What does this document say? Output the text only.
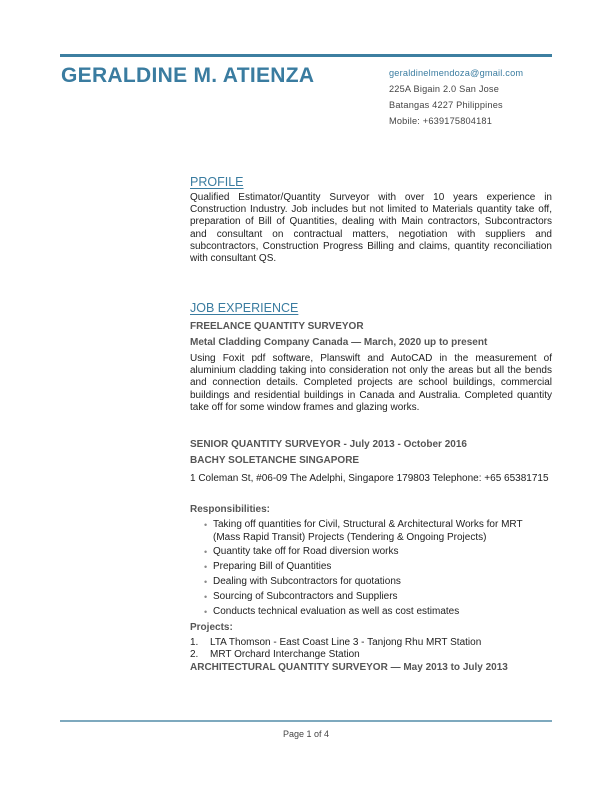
GERALDINE M. ATIENZA	geraldinelmendoza@gmail.com
225A Bigain 2.0 San Jose
Batangas 4227 Philippines
Mobile: +639175804181
PROFILE

Qualified Estimator/Quantity Surveyor with over 10 years experience in Construction Industry. Job includes but not limited to Materials quantity take off, preparation of Bill of Quantities, dealing with Main contractors, Subcontractors and consultant on contractual matters, negotiation with suppliers and subcontractors, Construction Progress Billing and claims, quantity reconciliation with consultant QS.

JOB EXPERIENCE

FREELANCE QUANTITY SURVEYOR

Metal Cladding Company Canada — March, 2020 up to present

Using Foxit pdf software, Planswift and AutoCAD in the measurement of aluminium cladding taking into consideration not only the areas but all the bends and connection details. Completed projects are school buildings, commercial buildings and residential buildings in Canada and Australia. Completed quantity take off for some window frames and glazing works.

SENIOR QUANTITY SURVEYOR - July 2013 - October 2016

BACHY SOLETANCHE SINGAPORE

1 Coleman St, #06-09 The Adelphi, Singapore 179803 Telephone: +65 65381715

Responsibilities:

• Taking off quantities for Civil, Structural & Architectural Works for MRT (Mass Rapid Transit) Projects (Tendering & Ongoing Projects)
• Quantity take off for Road diversion works
• Preparing Bill of Quantities
• Dealing with Subcontractors for quotations
• Sourcing of Subcontractors and Suppliers
• Conducts technical evaluation as well as cost estimates

Projects:

1. LTA Thomson - East Coast Line 3 - Tanjong Rhu MRT Station
2. MRT Orchard Interchange Station

ARCHITECTURAL QUANTITY SURVEYOR — May 2013 to July 2013

Page 1 of 4
